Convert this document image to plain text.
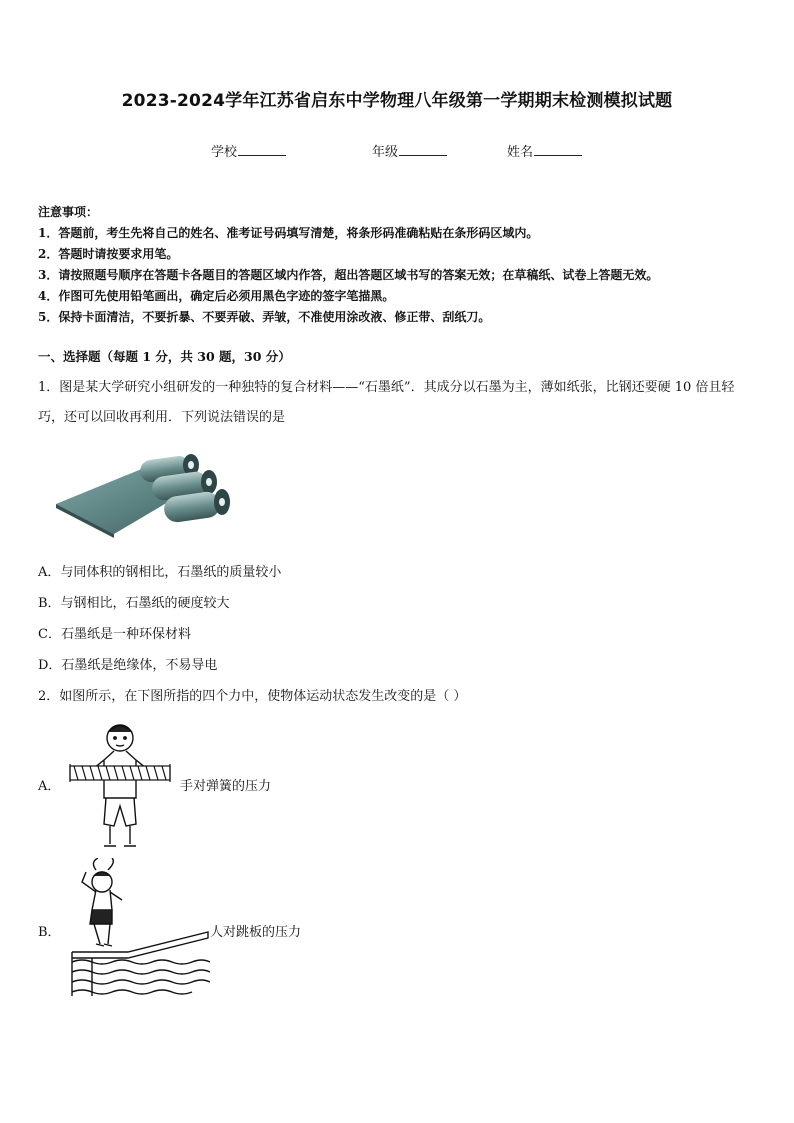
2023-2024学年江苏省启东中学物理八年级第一学期期末检测模拟试题
学校	年级	姓名
注意事项：
1．答题前，考生先将自己的姓名、准考证号码填写清楚，将条形码准确粘贴在条形码区域内。
2．答题时请按要求用笔。
3．请按照题号顺序在答题卡各题目的答题区域内作答，超出答题区域书写的答案无效；在草稿纸、试卷上答题无效。
4．作图可先使用铅笔画出，确定后必须用黑色字迹的签字笔描黑。
5．保持卡面清洁，不要折暴、不要弄破、弄皱，不准使用涂改液、修正带、刮纸刀。
一、选择题（每题 1 分，共 30 题，30 分）
1．图是某大学研究小组研发的一种独特的复合材料——“石墨纸”．其成分以石墨为主，薄如纸张，比钢还要硬 10 倍且轻巧，还可以回收再利用．下列说法错误的是
A．与同体积的钢相比，石墨纸的质量较小
B．与钢相比，石墨纸的硬度较大
C．石墨纸是一种环保材料
D．石墨纸是绝缘体，不易导电
2．如图所示，在下图所指的四个力中，使物体运动状态发生改变的是（ ）
A．	手对弹簧的压力
B．	人对跳板的压力
